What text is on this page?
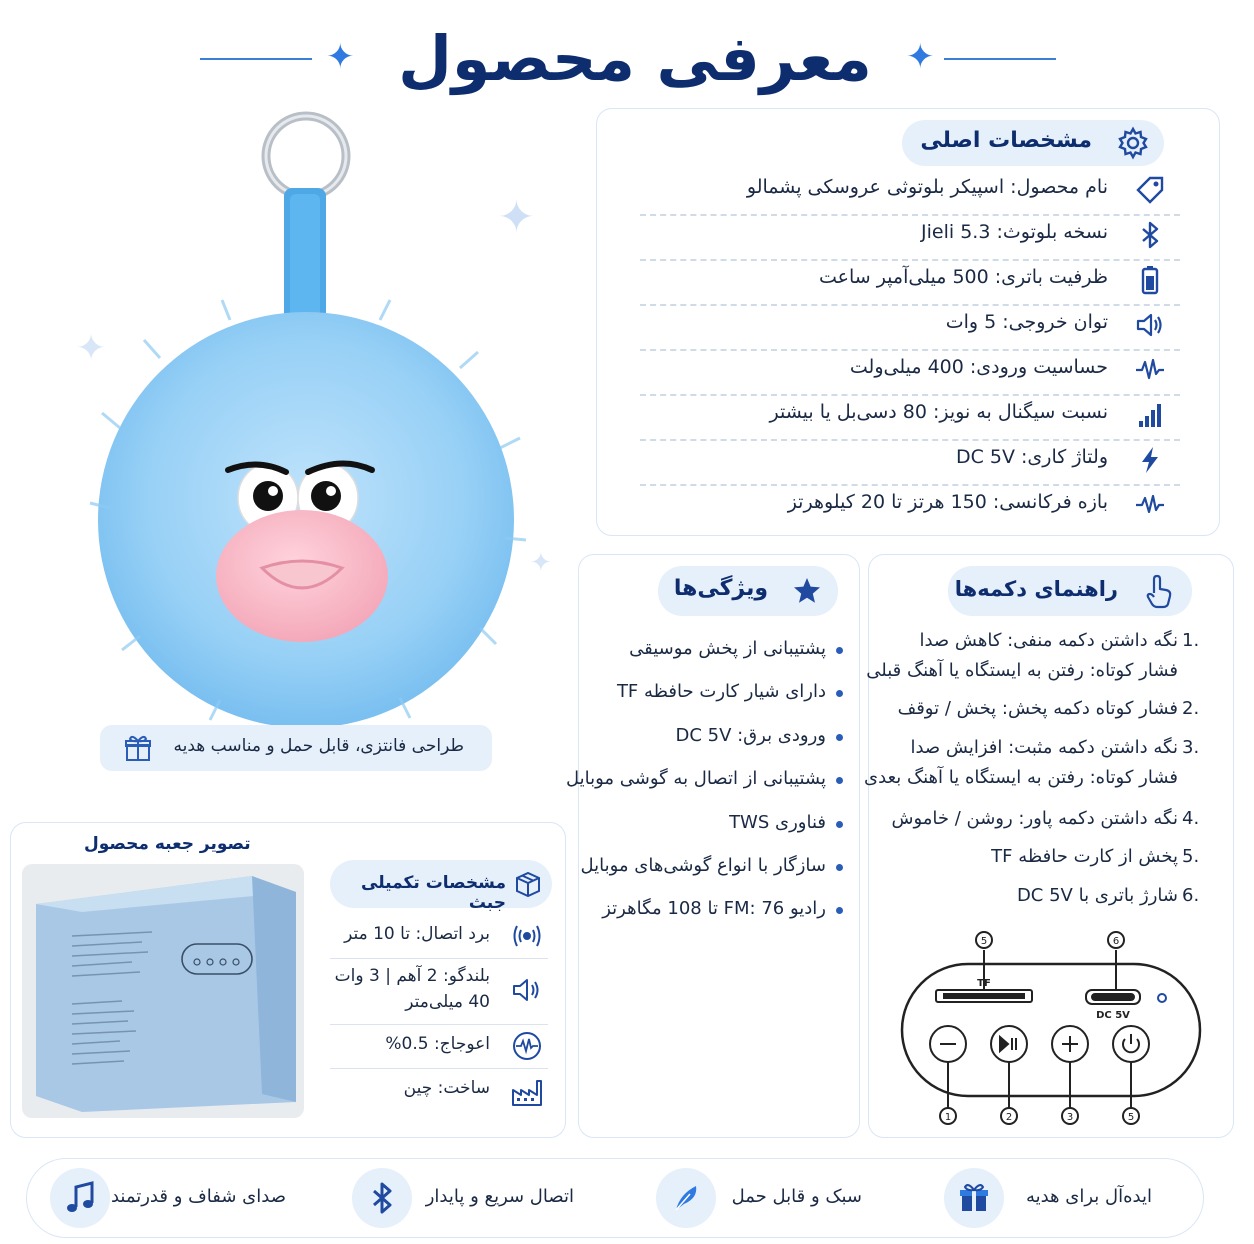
✦ معرفی محصول	✦
✦
✦
✦
طراحی فانتزی، قابل حمل و مناسب هدیه
مشخصات اصلی
نام محصول: اسپیکر بلوتوثی عروسکی پشمالو
نسخه بلوتوث: Jieli 5.3
ظرفیت باتری: 500 میلی‌آمپر ساعت
توان خروجی: 5 وات
حساسیت ورودی: 400 میلی‌ولت
نسبت سیگنال به نویز: 80 دسی‌بل یا بیشتر
ولتاژ کاری: DC 5V
بازه فرکانسی: 150 هرتز تا 20 کیلوهرتز
راهنمای دکمه‌ها
نگه داشتن دکمه منفی: کاهش صدا 1.
فشار کوتاه: رفتن به ایستگاه یا آهنگ قبلی
فشار کوتاه دکمه پخش: پخش / توقف 2.
نگه داشتن دکمه مثبت: افزایش صدا 3.
فشار کوتاه: رفتن به ایستگاه یا آهنگ بعدی
نگه داشتن دکمه پاور: روشن / خاموش 4.
پخش از کارت حافظه TF 5.
شارژ باتری با DC 5V 6.
TF
DC 5V
5	6
1	2	3	5
ویژگی‌ها
پشتیبانی از پخش موسیقی
دارای شیار کارت حافظه TF
ورودی برق: DC 5V
پشتیبانی از اتصال به گوشی موبایل
فناوری TWS
سازگار با انواع گوشی‌های موبایل
رادیو FM: 76 تا 108 مگاهرتز
تصویر جعبه محصول
مشخصات تکمیلی جبث
برد اتصال: تا 10 متر
بلندگو: 2 آهم | 3 وات
40 میلی‌متر
اعوجاج: 0.5%
ساخت: چین
ایده‌آل برای هدیه
سبک و قابل حمل
اتصال سریع و پایدار
صدای شفاف و قدرتمند
